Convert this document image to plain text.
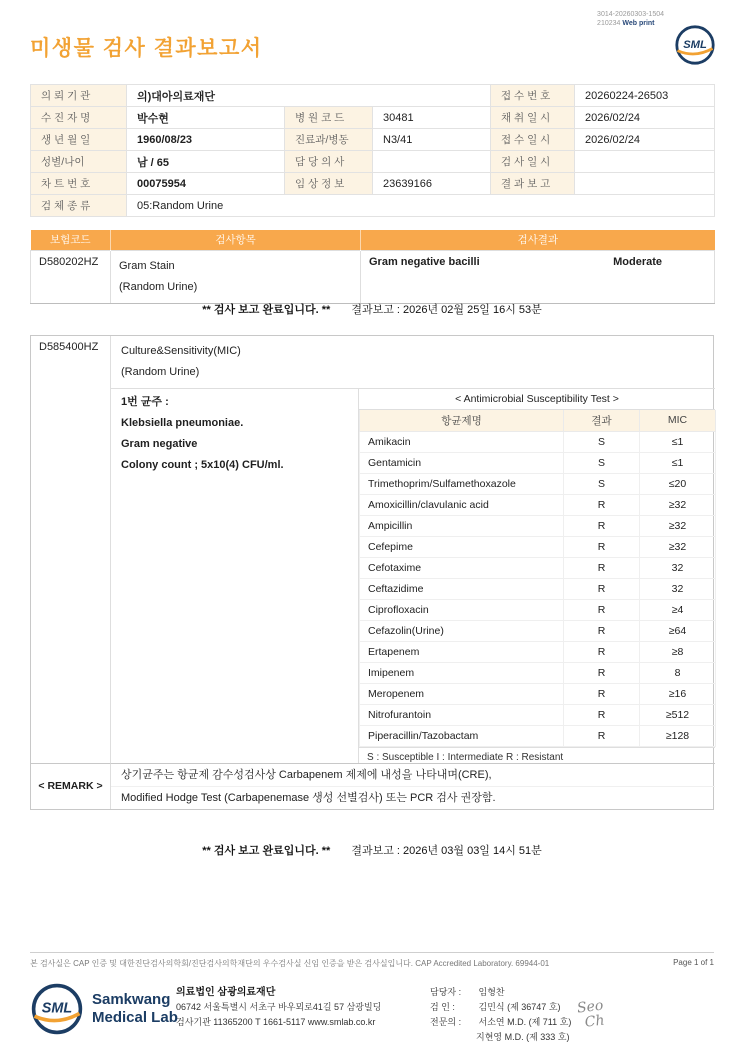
3014-20260303-1504
210234 Web print
SML
미생물 검사 결과보고서
의 뢰 기 관	의)대아의료재단			접 수 번 호	20260224-26503
수 진 자 명	박수현	병 원 코 드	30481	채 취 일 시	2026/02/24
생 년 월 일	1960/08/23	진료과/병동	N3/41	접 수 일 시	2026/02/24
성별/나이	남 / 65	담 당 의 사		검 사 일 시	
차 트 번 호	00075954	임 상 정 보	23639166	결 과 보 고	
검 체 종 류	05:Random Urine				
보험코드	검사항목	검사결과
D580202HZ	Gram Stain
(Random Urine)

Gram negative bacilli	Moderate
** 검사 보고 완료입니다. ** 결과보고 : 2026년 02월 25일 16시 53분
D585400HZ	Culture&Sensitivity(MIC)
(Random Urine)
1번 균주 :
Klebsiella pneumoniae.
Gram negative
Colony count ; 5x10(4) CFU/ml.
< Antimicrobial Susceptibility Test >
항균제명	결과	MIC
Amikacin	S	≤1
Gentamicin	S	≤1
Trimethoprim/Sulfamethoxazole	S	≤20
Amoxicillin/clavulanic acid	R	≥32
Ampicillin	R	≥32
Cefepime	R	≥32
Cefotaxime	R	32
Ceftazidime	R	32
Ciprofloxacin	R	≥4
Cefazolin(Urine)	R	≥64
Ertapenem	R	≥8
Imipenem	R	8
Meropenem	R	≥16
Nitrofurantoin	R	≥512
Piperacillin/Tazobactam	R	≥128
S : Susceptible I : Intermediate R : Resistant
< REMARK >
상기균주는 항균제 감수성검사상 Carbapenem 제제에 내성을 나타내며(CRE),
Modified Hodge Test (Carbapenemase 생성 선별검사) 또는 PCR 검사 권장함.
** 검사 보고 완료입니다. ** 결과보고 : 2026년 03월 03일 14시 51분
본 검사실은 CAP 인증 및 대한진단검사의학회/진단검사의학재단의 우수검사실 신임 인증을 받은 검사실입니다. CAP Accredited Laboratory. 69944-01	Page 1 of 1
SML
Samkwang
Medical Lab
의료법인 삼광의료재단
06742 서울특별시 서초구 바우뫼로41길 57 삼광빌딩
검사기관 11365200 T 1661-5117 www.smlab.co.kr
담당자 : 임형찬
검 인 :	김민식 (제 36747 호)
전문의 : 서소연 M.D. (제 711 호)
지현영 M.D. (제 333 호)
Seo
Ch
